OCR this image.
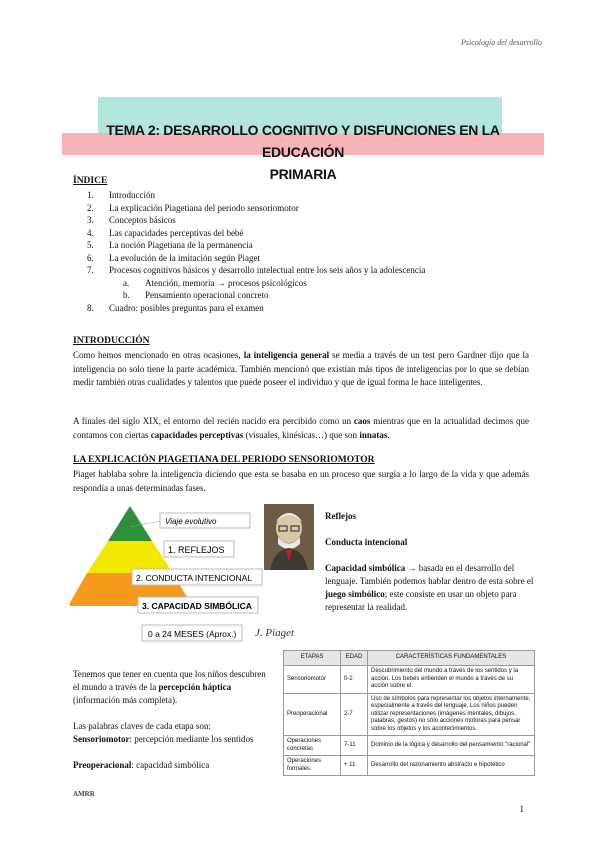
Psicología del desarrollo
TEMA 2: DESARROLLO COGNITIVO Y DISFUNCIONES EN LA EDUCACIÓN
PRIMARIA
ÍNDICE
1.	Introducción
2.	La explicación Piagetiana del periodo sensoriomotor
3.	Conceptos básicos
4.	Las capacidades perceptivas del bebé
5.	La noción Piagetiana de la permanencia
6.	La evolución de la imitación según Piaget
7.	Procesos cognitivos básicos y desarrollo intelectual entre los seis años y la adolescencia
a.	Atención, memoria → procesos psicológicos
b.	Pensamiento operacional concreto
8.	Cuadro: posibles preguntas para el examen
INTRODUCCIÓN
Como hemos mencionado en otras ocasiones, la inteligencia general se media a través de un test pero Gardner dijo que la inteligencia no solo tiene la parte académica. También mencionó que existían más tipos de inteligencias por lo que se debían medir también otras cualidades y talentos que puede poseer el individuo y que de igual forma le hace inteligentes.
A finales del siglo XIX, el entorno del recién nacido era percibido como un caos mientras que en la actualidad decimos que contamos con ciertas capacidades perceptivas (visuales, kinésicas…) que son innatas.
LA EXPLICACIÓN PIAGETIANA DEL PERIODO SENSORIOMOTOR
Piaget hablaba sobre la inteligencia diciendo que esta se basaba en un proceso que surgía a lo largo de la vida y que además respondía a unas determinadas fases.
Viaje evolutivo
1. REFLEJOS
2. CONDUCTA INTENCIONAL
3. CAPACIDAD SIMBÓLICA
0 a 24 MESES (Aprox.) J. Piaget
Reflejos
Conducta intencional
Capacidad simbólica → basada en el desarrollo del lenguaje. También podemos hablar dentro de esta sobre el juego simbólico; este consiste en usar un objeto para representar la realidad.
Tenemos que tener en cuenta que los niños descubren el mundo a través de la percepción háptica (información más completa).
Las palabras claves de cada etapa son:
Sensoriomotor: percepción mediante los sentidos
Preoperacional: capacidad simbólica
ETAPAS	EDAD	CARACTERÍSTICAS FUNDAMENTALES
Sensoriomotor	0-2	Descubrimiento del mundo a través de los sentidos y la acción. Los bebés entienden el mundo a través de su acción sobre el.
Preoperacional	2-7	Uso de símbolos para representar los objetos internamente, especialmente a través del lenguaje. Los niños pueden utilizar representaciones (imágenes mentales, dibujos, palabras, gestos) no sólo acciones motoras para pensar sobre los objetos y los acontecimientos.
Operaciones concretas	7-11	Dominio de la lógica y desarrollo del pensamiento "racional"
Operaciones formales	+ 11	Desarrollo del razonamiento abstracto e hipotético
AMRR
1
